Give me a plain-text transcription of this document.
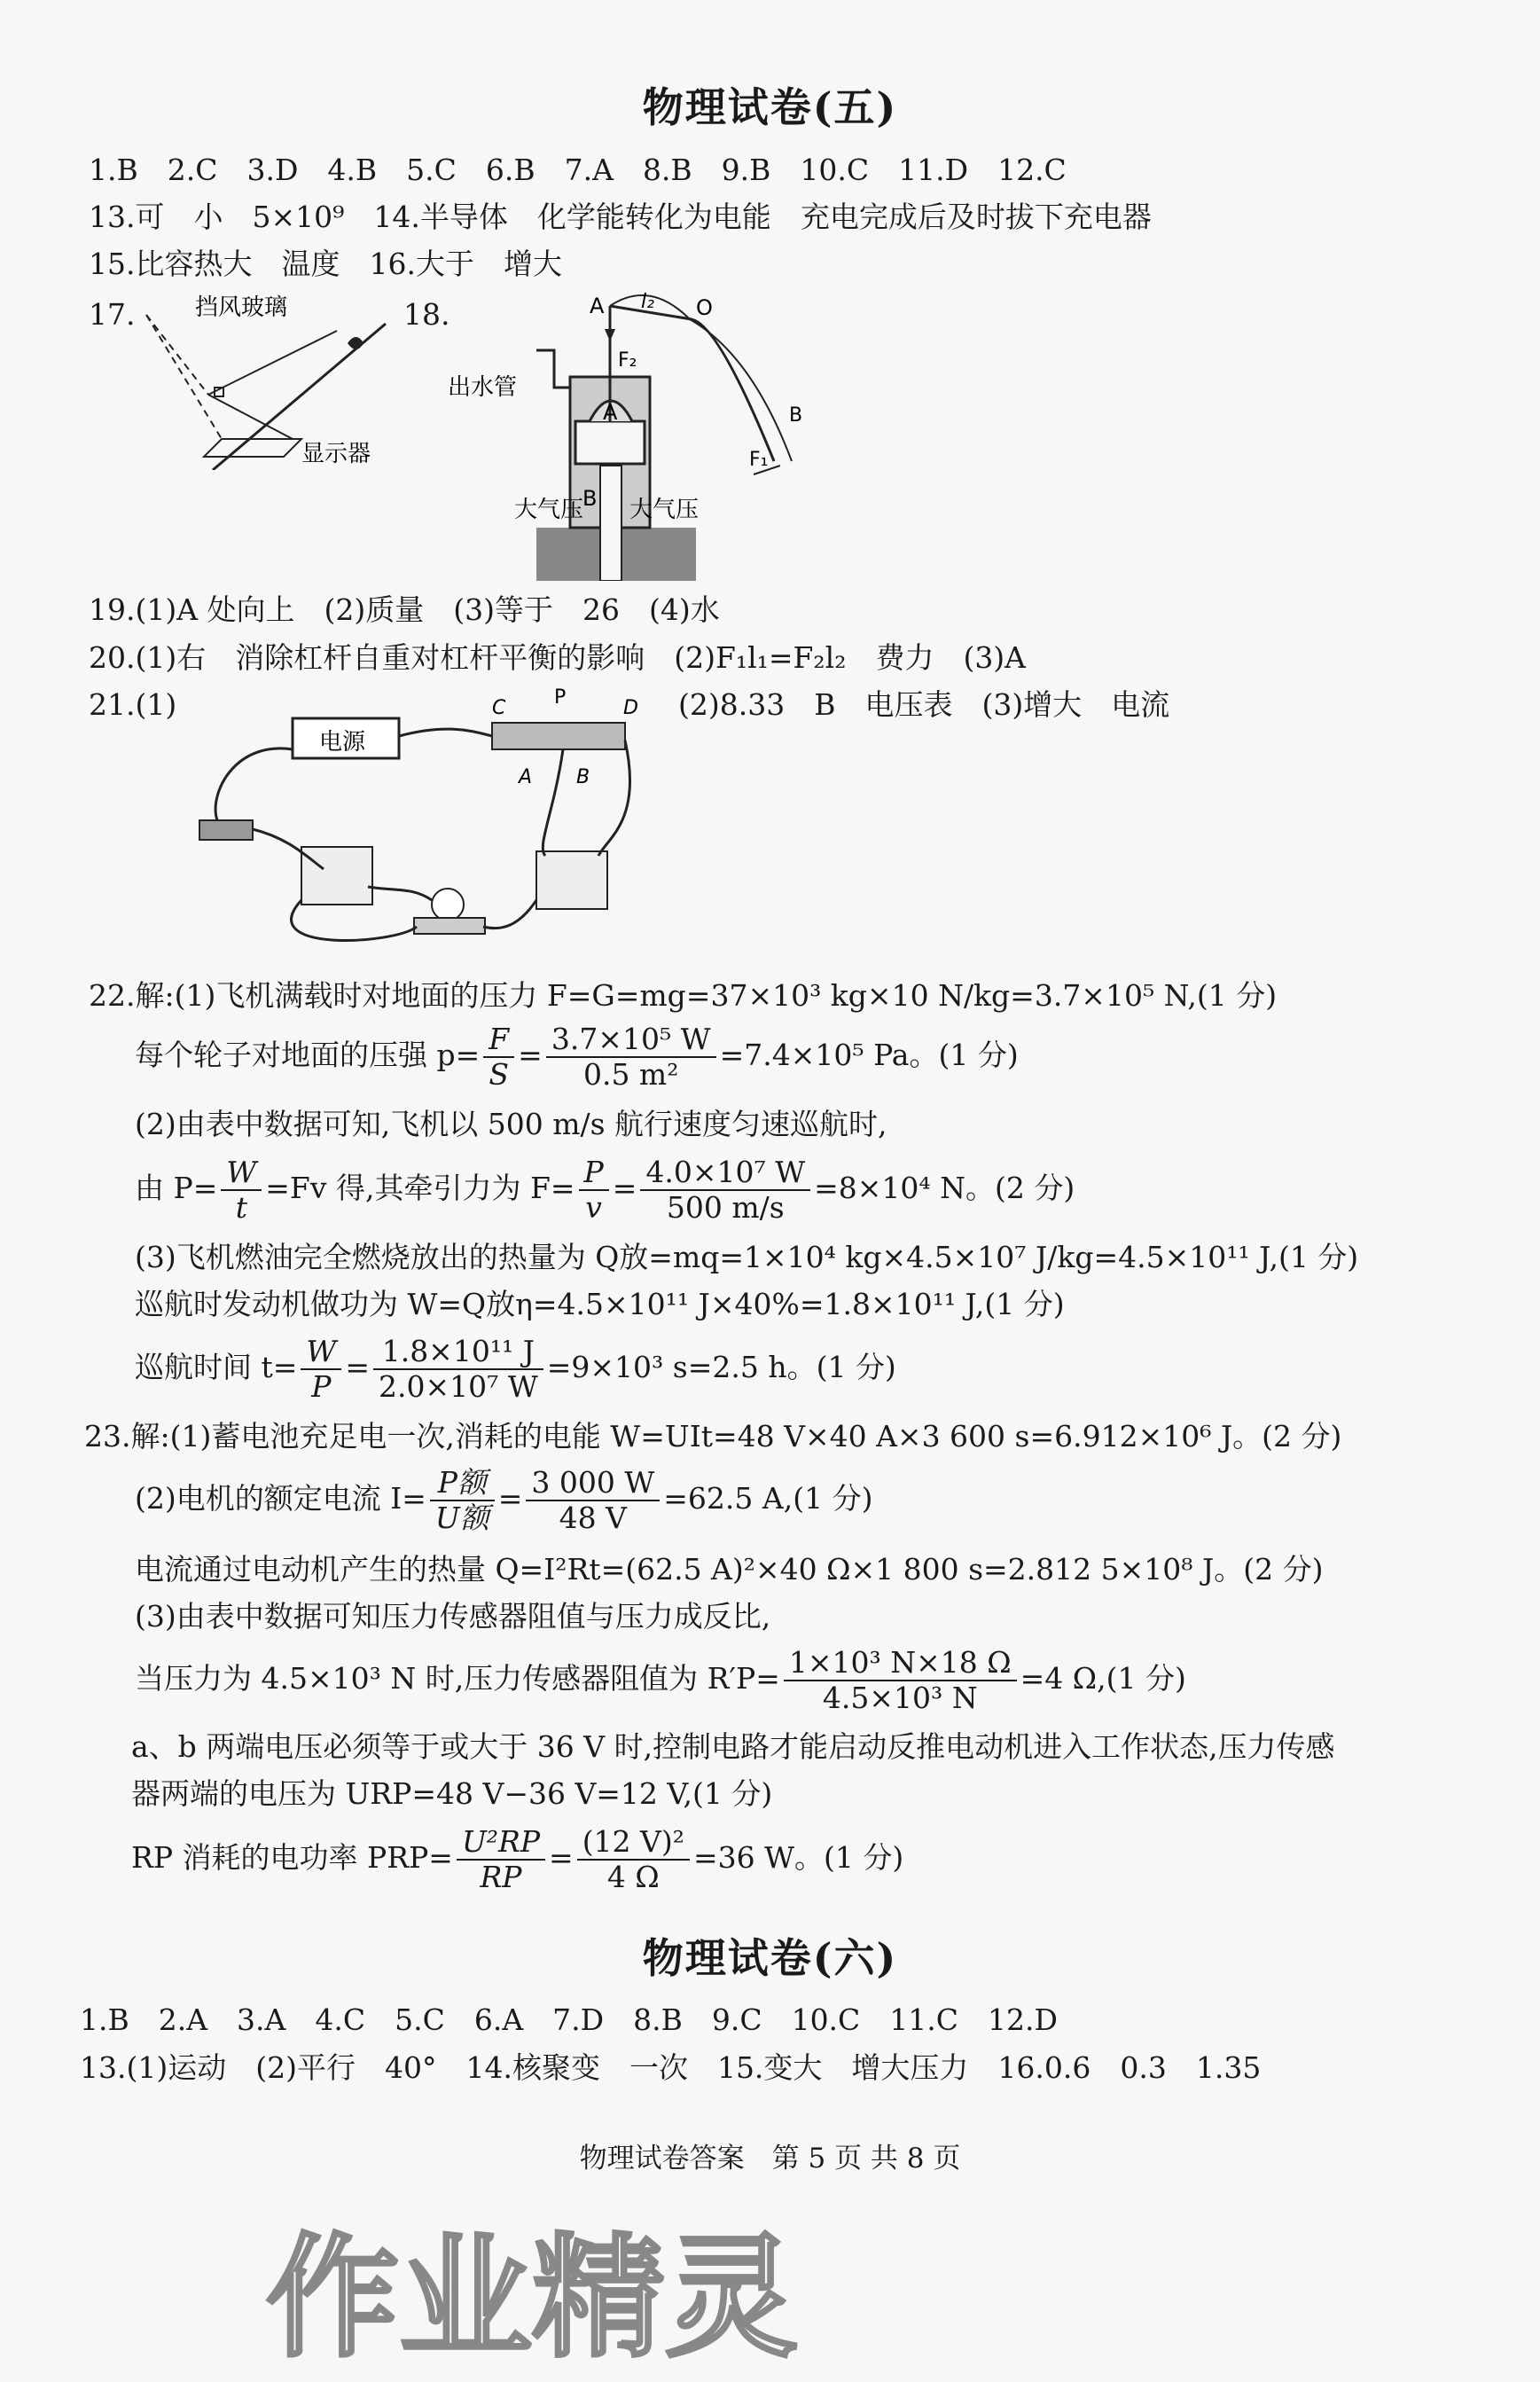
物理试卷(五)
1.B　2.C　3.D　4.B　5.C　6.B　7.A　8.B　9.B　10.C　11.D　12.C
13.可　小　5×10⁹　14.半导体　化学能转化为电能　充电完成后及时拔下充电器
15.比容热大　温度　16.大于　增大
17.	挡风玻璃
显示器
18.	A	O
l₂
F₂
B
F₁
出水管
A
B
大气压 大气压
19.(1)A 处向上　(2)质量　(3)等于　26　(4)水
20.(1)右　消除杠杆自重对杠杆平衡的影响　(2)F₁l₁=F₂l₂　费力　(3)A
21.(1)	(2)8.33　B　电压表　(3)增大　电流
电源
C P	D
A B
22.解:(1)飞机满载时对地面的压力 F=G=mg=37×10³ kg×10 N/kg=3.7×10⁵ N,(1 分)
每个轮子对地面的压强 $p= \frac{F}{S} = \frac{\text{3.7×10⁵ W}}{\text{0.5 m²}} =7.4\times 10^5$ Pa。(1 分)
(2)由表中数据可知,飞机以 500 m/s 航行速度匀速巡航时,
由 $P= \frac{W}{t} =Fv$ 得,其牵引力为 $F= \frac{P}{v} = \frac{\text{4.0×10⁷ W}}{500 m/s} =8\times 10^4$ N。(2 分)
(3)飞机燃油完全燃烧放出的热量为 Q放=mq=1×10⁴ kg×4.5×10⁷ J/kg=4.5×10¹¹ J,(1 分)
巡航时发动机做功为 W=Q放η=4.5×10¹¹ J×40%=1.8×10¹¹ J,(1 分)
巡航时间 $t= \frac{W}{P} = \frac{\text{1.8×10¹¹ J}}{\text{2.0×10⁷ W}} =9\times 10^3$ s=2.5 h。(1 分)
23.解:(1)蓄电池充足电一次,消耗的电能 W=UIt=48 V×40 A×3 600 s=6.912×10⁶ J。(2 分)
(2)电机的额定电流 $I= \frac{\text{P额}}{\text{U额}} = \frac{3 000 W}{48 V} =62.5$ A,(1 分)
电流通过电动机产生的热量 Q=I²Rt=(62.5 A)²×40 Ω×1 800 s=2.812 5×10⁸ J。(2 分)
(3)由表中数据可知压力传感器阻值与压力成反比,
当压力为 4.5×10³ N 时,压力传感器阻值为 $R'P= \frac{\text{1×10³ N×18 Ω}}{\text{4.5×10³ N}} =4$ Ω,(1 分)
a、b 两端电压必须等于或大于 36 V 时,控制电路才能启动反推电动机进入工作状态,压力传感
器两端的电压为 URP=48 V−36 V=12 V,(1 分)
RP 消耗的电功率 $PRP= \frac{\text{U²RP}}{RP} = \frac{\text{(12 V)²}}{4 \Omega} =36$ W。(1 分)
物理试卷(六)
1.B　2.A　3.A　4.C　5.C　6.A　7.D　8.B　9.C　10.C　11.C　12.D
13.(1)运动　(2)平行　40°　14.核聚变　一次　15.变大　增大压力　16.0.6　0.3　1.35
物理试卷答案　第 5 页 共 8 页
作业精灵
